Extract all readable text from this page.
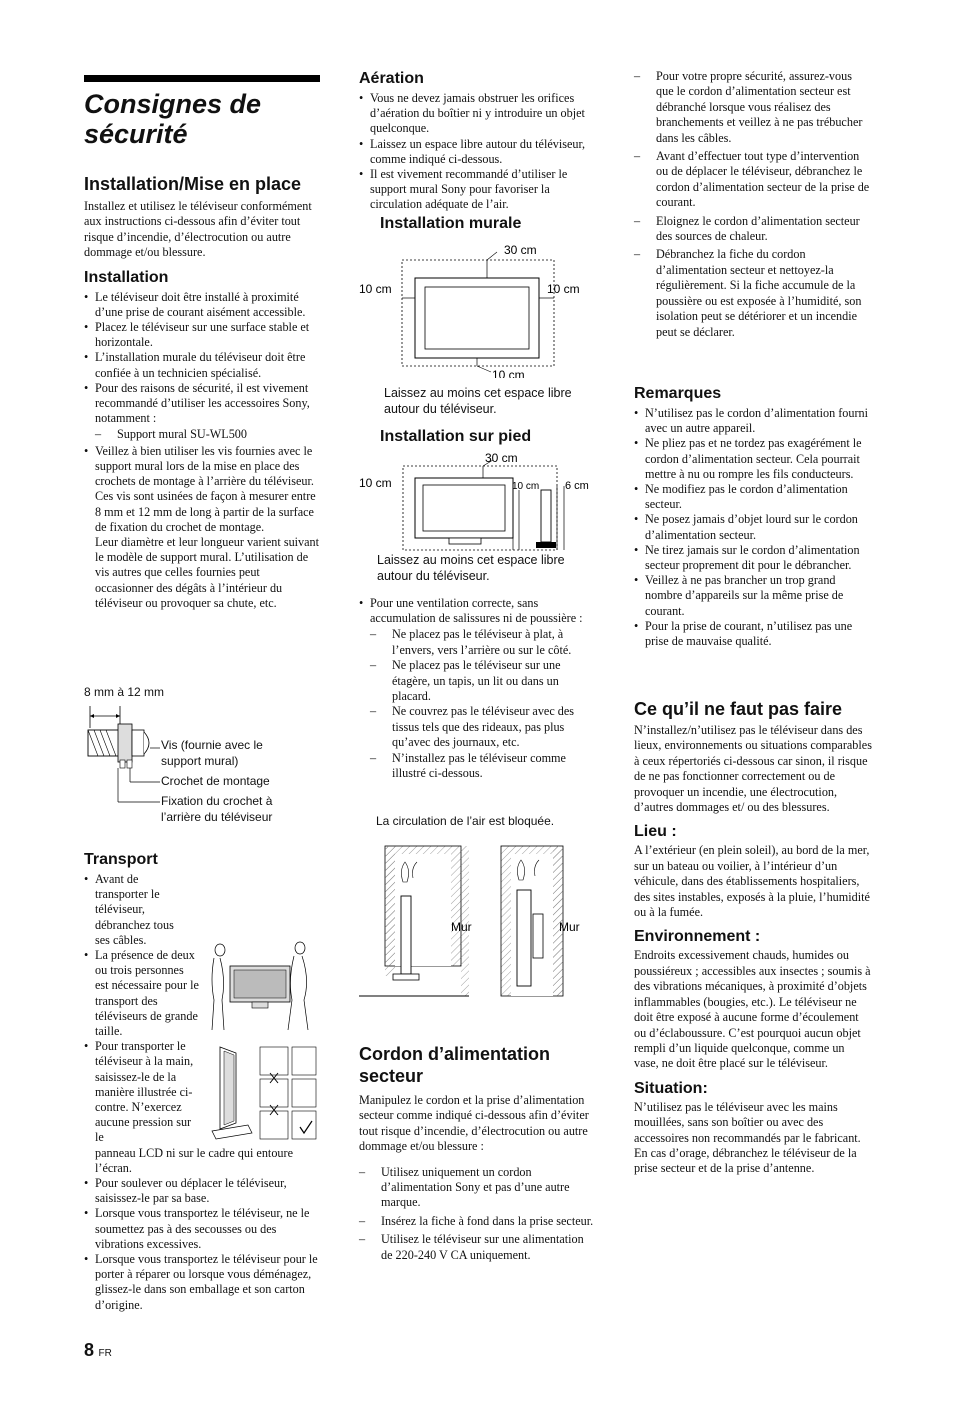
Consignes de
sécurité
Installation/Mise en place

Installez et utilisez le téléviseur conformément aux instructions ci-dessous afin d’éviter tout risque d’incendie, d’électrocution ou autre dommage et/ou blessure.

Installation
• Le téléviseur doit être installé à proximité d’une prise de courant aisément accessible.
• Placez le téléviseur sur une surface stable et horizontale.
• L’installation murale du téléviseur doit être confiée à un technicien spécialisé.
• Pour des raisons de sécurité, il est vivement recommandé d’utiliser les accessoires Sony, notamment :
– Support mural SU-WL500
• Veillez à bien utiliser les vis fournies avec le support mural lors de la mise en place des crochets de montage à l’arrière du téléviseur. Ces vis sont usinées de façon à mesurer entre 8 mm et 12 mm de long à partir de la surface de fixation du crochet de montage.
Leur diamètre et leur longueur varient suivant le modèle de support mural. L’utilisation de vis autres que celles fournies peut occasionner des dégâts à l’intérieur du téléviseur ou provoquer sa chute, etc.
8 mm à 12 mm
Vis (fournie avec le support mural)
Crochet de montage
Fixation du crochet à l’arrière du téléviseur
Transport
• Avant de transporter le téléviseur, débranchez tous ses câbles.
• La présence de deux ou trois personnes est nécessaire pour le transport des téléviseurs de grande taille.
• Pour transporter le téléviseur à la main, saisissez-le de la manière illustrée ci-contre. N’exercez aucune pression sur le
panneau LCD ni sur le cadre qui entoure l’écran.
• Pour soulever ou déplacer le téléviseur, saisissez-le par sa base.
• Lorsque vous transportez le téléviseur, ne le soumettez pas à des secousses ou des vibrations excessives.
• Lorsque vous transportez le téléviseur pour le porter à réparer ou lorsque vous déménagez, glissez-le dans son emballage et son carton d’origine.
8 FR
Aération
• Vous ne devez jamais obstruer les orifices d’aération du boîtier ni y introduire un objet quelconque.
• Laissez un espace libre autour du téléviseur, comme indiqué ci-dessous.
• Il est vivement recommandé d’utiliser le support mural Sony pour favoriser la circulation adéquate de l’air.
Installation murale
30 cm
10 cm	10 cm
10 cm
Laissez au moins cet espace libre autour du téléviseur.
Installation sur pied
30 cm
10 cm	10 cm 6 cm
Laissez au moins cet espace libre autour du téléviseur.
• Pour une ventilation correcte, sans accumulation de salissures ni de poussière :
– Ne placez pas le téléviseur à plat, à l’envers, vers l’arrière ou sur le côté.
– Ne placez pas le téléviseur sur une étagère, un tapis, un lit ou dans un placard.
– Ne couvrez pas le téléviseur avec des tissus tels que des rideaux, pas plus qu’avec des journaux, etc.
– N’installez pas le téléviseur comme illustré ci-dessous.
La circulation de l’air est bloquée.
Mur	Mur
Cordon d’alimentation
secteur

Manipulez le cordon et la prise d’alimentation secteur comme indiqué ci-dessous afin d’éviter tout risque d’incendie, d’électrocution ou autre dommage et/ou blessure :

– Utilisez uniquement un cordon d’alimentation Sony et pas d’une autre marque.
– Insérez la fiche à fond dans la prise secteur.
– Utilisez le téléviseur sur une alimentation de 220-240 V CA uniquement.
– Pour votre propre sécurité, assurez-vous que le cordon d’alimentation secteur est débranché lorsque vous réalisez des branchements et veillez à ne pas trébucher dans les câbles.
– Avant d’effectuer tout type d’intervention ou de déplacer le téléviseur, débranchez le cordon d’alimentation secteur de la prise de courant.
– Eloignez le cordon d’alimentation secteur des sources de chaleur.
– Débranchez la fiche du cordon d’alimentation secteur et nettoyez-la régulièrement. Si la fiche accumule de la poussière ou est exposée à l’humidité, son isolation peut se détériorer et un incendie peut se déclarer.
Remarques
• N’utilisez pas le cordon d’alimentation fourni avec un autre appareil.
• Ne pliez pas et ne tordez pas exagérément le cordon d’alimentation secteur. Cela pourrait mettre à nu ou rompre les fils conducteurs.
• Ne modifiez pas le cordon d’alimentation secteur.
• Ne posez jamais d’objet lourd sur le cordon d’alimentation secteur.
• Ne tirez jamais sur le cordon d’alimentation secteur proprement dit pour le débrancher.
• Veillez à ne pas brancher un trop grand nombre d’appareils sur la même prise de courant.
• Pour la prise de courant, n’utilisez pas une prise de mauvaise qualité.
Ce qu’il ne faut pas faire

N’installez/n’utilisez pas le téléviseur dans des lieux, environnements ou situations comparables à ceux répertoriés ci-dessous car sinon, il risque de ne pas fonctionner correctement ou de provoquer un incendie, une électrocution, d’autres dommages et/ ou des blessures.

Lieu :

A l’extérieur (en plein soleil), au bord de la mer, sur un bateau ou voilier, à l’intérieur d’un véhicule, dans des établissements hospitaliers, des sites instables, exposés à la pluie, l’humidité ou à la fumée.

Environnement :

Endroits excessivement chauds, humides ou poussiéreux ; accessibles aux insectes ; soumis à des vibrations mécaniques, à proximité d’objets inflammables (bougies, etc.). Le téléviseur ne doit être exposé à aucune forme d’écoulement ou d’éclaboussure. C’est pourquoi aucun objet rempli d’un liquide quelconque, comme un vase, ne doit être placé sur le téléviseur.

Situation:

N’utilisez pas le téléviseur avec les mains mouillées, sans son boîtier ou avec des accessoires non recommandés par le fabricant. En cas d’orage, débranchez le téléviseur de la prise secteur et de la prise d’antenne.
